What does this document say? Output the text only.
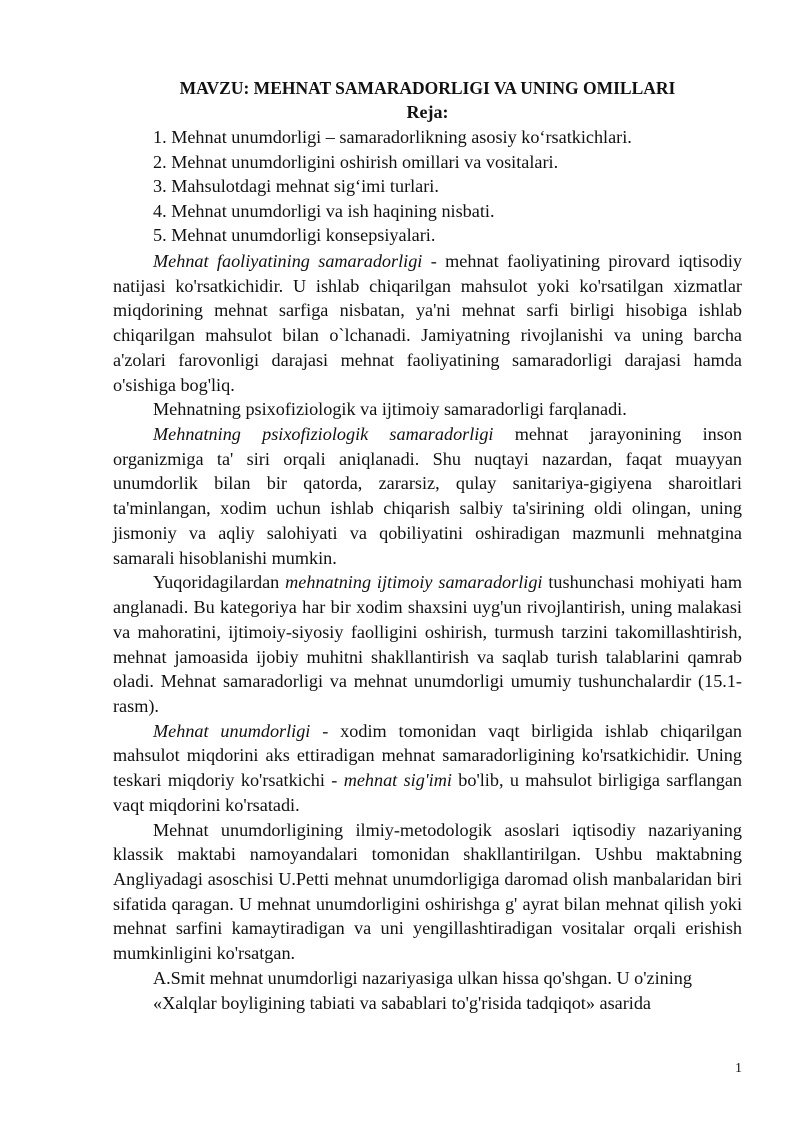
MAVZU: MEHNAT SAMARADORLIGI VA UNING OMILLARI
Reja:
1. Mehnat unumdorligi – samaradorlikning asosiy ko‘rsatkichlari.
2. Mehnat unumdorligini oshirish omillari va vositalari.
3. Mahsulotdagi mehnat sig‘imi turlari.
4. Mehnat unumdorligi va ish haqining nisbati.
5. Mehnat unumdorligi konsepsiyalari.

Mehnat faoliyatining samaradorligi - mehnat faoliyatining pirovard iqtisodiy natijasi ko'rsatkichidir. U ishlab chiqarilgan mahsulot yoki ko'rsatilgan xizmatlar miqdorining mehnat sarfiga nisbatan, ya'ni mehnat sarfi birligi hisobiga ishlab chiqarilgan mahsulot bilan o`lchanadi. Jamiyatning rivojlanishi va uning barcha a'zolari farovonligi darajasi mehnat faoliyatining samaradorligi darajasi hamda o'sishiga bog'liq.

Mehnatning psixofiziologik va ijtimoiy samaradorligi farqlanadi.

Mehnatning psixofiziologik samaradorligi mehnat jarayonining inson organizmiga ta' siri orqali aniqlanadi. Shu nuqtayi nazardan, faqat muayyan unumdorlik bilan bir qatorda, zararsiz, qulay sanitariya-gigiyena sharoitlari ta'minlangan, xodim uchun ishlab chiqarish salbiy ta'sirining oldi olingan, uning jismoniy va aqliy salohiyati va qobiliyatini oshiradigan mazmunli mehnatgina samarali hisoblanishi mumkin.

Yuqoridagilardan mehnatning ijtimoiy samaradorligi tushunchasi mohiyati ham anglanadi. Bu kategoriya har bir xodim shaxsini uyg'un rivojlantirish, uning malakasi va mahoratini, ijtimoiy-siyosiy faolligini oshirish, turmush tarzini takomillashtirish, mehnat jamoasida ijobiy muhitni shakllantirish va saqlab turish talablarini qamrab oladi. Mehnat samaradorligi va mehnat unumdorligi umumiy tushunchalardir (15.1-rasm).

Mehnat unumdorligi - xodim tomonidan vaqt birligida ishlab chiqarilgan mahsulot miqdorini aks ettiradigan mehnat samaradorligining ko'rsatkichidir. Uning teskari miqdoriy ko'rsatkichi - mehnat sig'imi bo'lib, u mahsulot birligiga sarflangan vaqt miqdorini ko'rsatadi.

Mehnat unumdorligining ilmiy-metodologik asoslari iqtisodiy nazariyaning klassik maktabi namoyandalari tomonidan shakllantirilgan. Ushbu maktabning Angliyadagi asoschisi U.Petti mehnat unumdorligiga daromad olish manbalaridan biri sifatida qaragan. U mehnat unumdorligini oshirishga g' ayrat bilan mehnat qilish yoki mehnat sarfini kamaytiradigan va uni yengillashtiradigan vositalar orqali erishish mumkinligini ko'rsatgan.

A.Smit mehnat unumdorligi nazariyasiga ulkan hissa qo'shgan. U o'zining

«Xalqlar boyligining tabiati va sabablari to'g'risida tadqiqot» asarida

1
